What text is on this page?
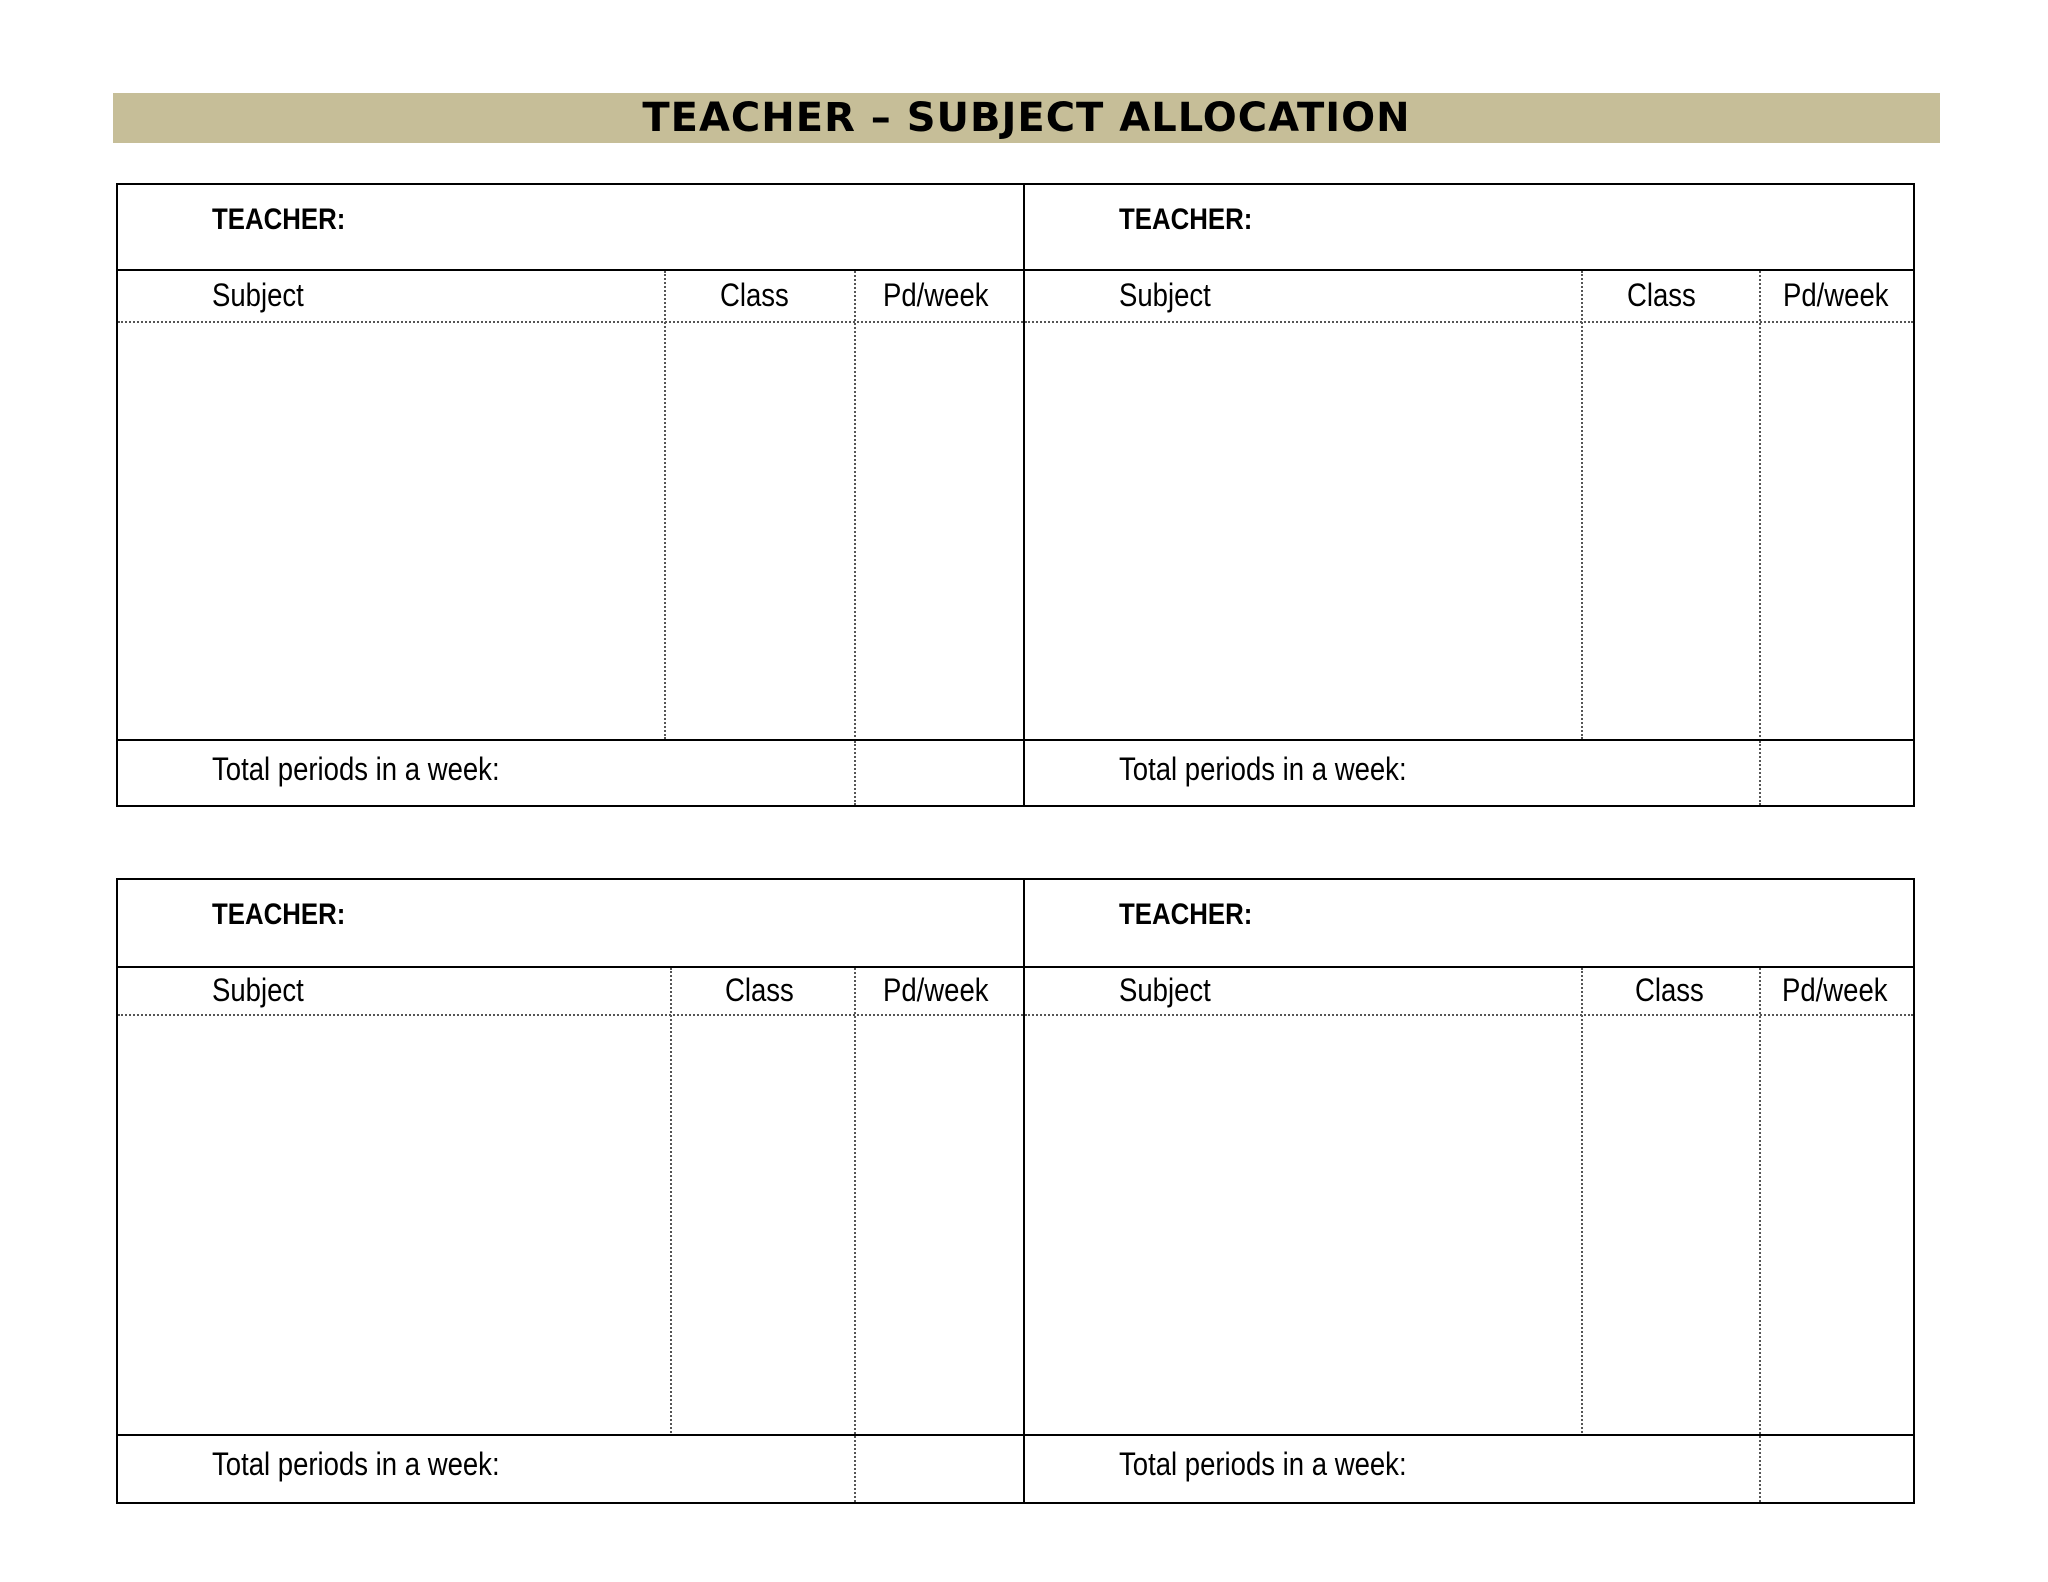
TEACHER – SUBJECT ALLOCATION
TEACHER:
Subject	Class	Pd/week
Total periods in a week:
TEACHER:
Subject	Class	Pd/week
Total periods in a week:
TEACHER:
Subject	Class	Pd/week
Total periods in a week:
TEACHER:
Subject	Class Pd/week
Total periods in a week:
